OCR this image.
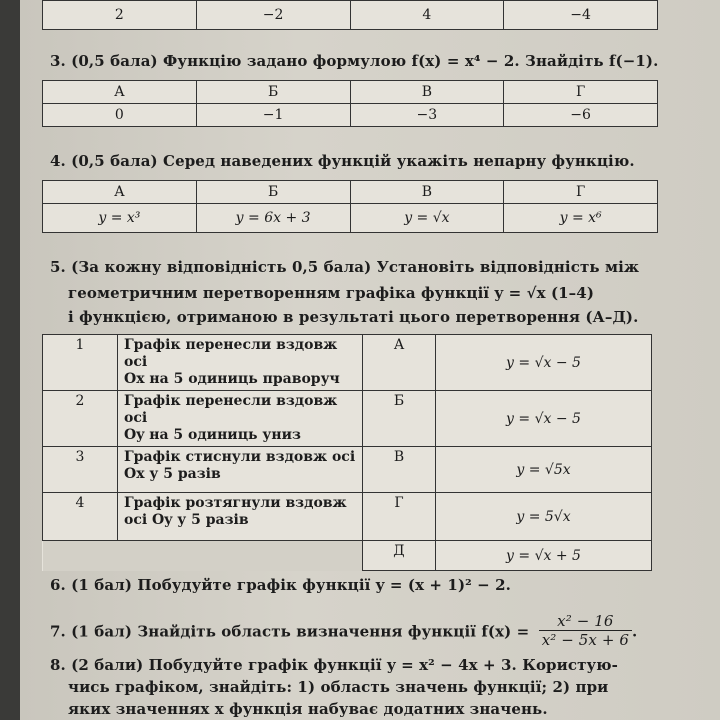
2	−2	4	−4
3. (0,5 бала) Функцію задано формулою f(x) = x⁴ − 2. Знайдіть f(−1).
А	Б	В	Г
0	−1	−3	−6
4. (0,5 бала) Серед наведених функцій укажіть непарну функцію.
А	Б	В	Г
y = x³	y = 6x + 3	y = √x	y = x⁶
5. (За кожну відповідність 0,5 бала) Установіть відповідність між
геометричним перетворенням графіка функції y = √x (1–4)
і функцією, отриманою в результаті цього перетворення (А–Д).
1	Графік перенесли вздовж осі
Ox на 5 одиниць праворуч	А	y = √x − 5
2	Графік перенесли вздовж осі
Oy на 5 одиниць униз	Б	y = √x − 5
3	Графік стиснули вздовж осі
Ox у 5 разів	В	y = √5x
4	Графік розтягнули вздовж
осі Oy у 5 разів	Г	y = 5√x
		Д	y = √x + 5
6. (1 бал) Побудуйте графік функції y = (x + 1)² − 2.
7. (1 бал) Знайдіть область визначення функції $f(x) = \frac{\text{x² − 16}}{\text{x² − 5x + 6}}$ .
8. (2 бали) Побудуйте графік функції y = x² − 4x + 3. Користую-
чись графіком, знайдіть: 1) область значень функції; 2) при
яких значеннях x функція набуває додатних значень.
